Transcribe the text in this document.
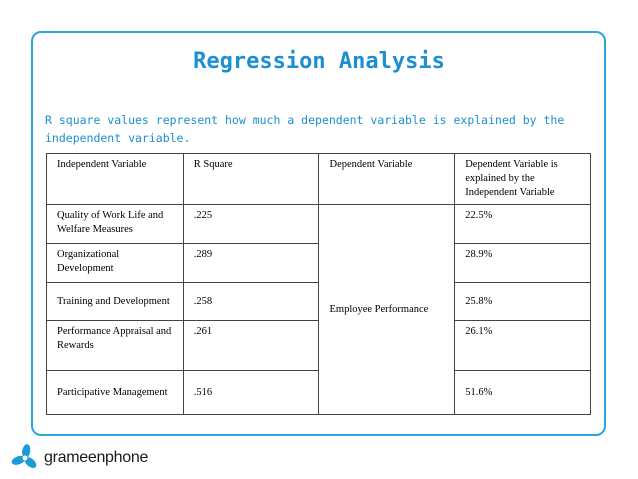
Regression Analysis
R square values represent how much a dependent variable is explained by the independent variable.
Independent Variable	R Square	Dependent Variable	Dependent Variable is explained by the Independent Variable
Quality of Work Life and Welfare Measures	.225	Employee Performance	22.5%
Organizational Development	.289		28.9%
Training and Development	.258		25.8%
Performance Appraisal and Rewards	.261		26.1%
Participative Management	.516		51.6%
grameenphone
